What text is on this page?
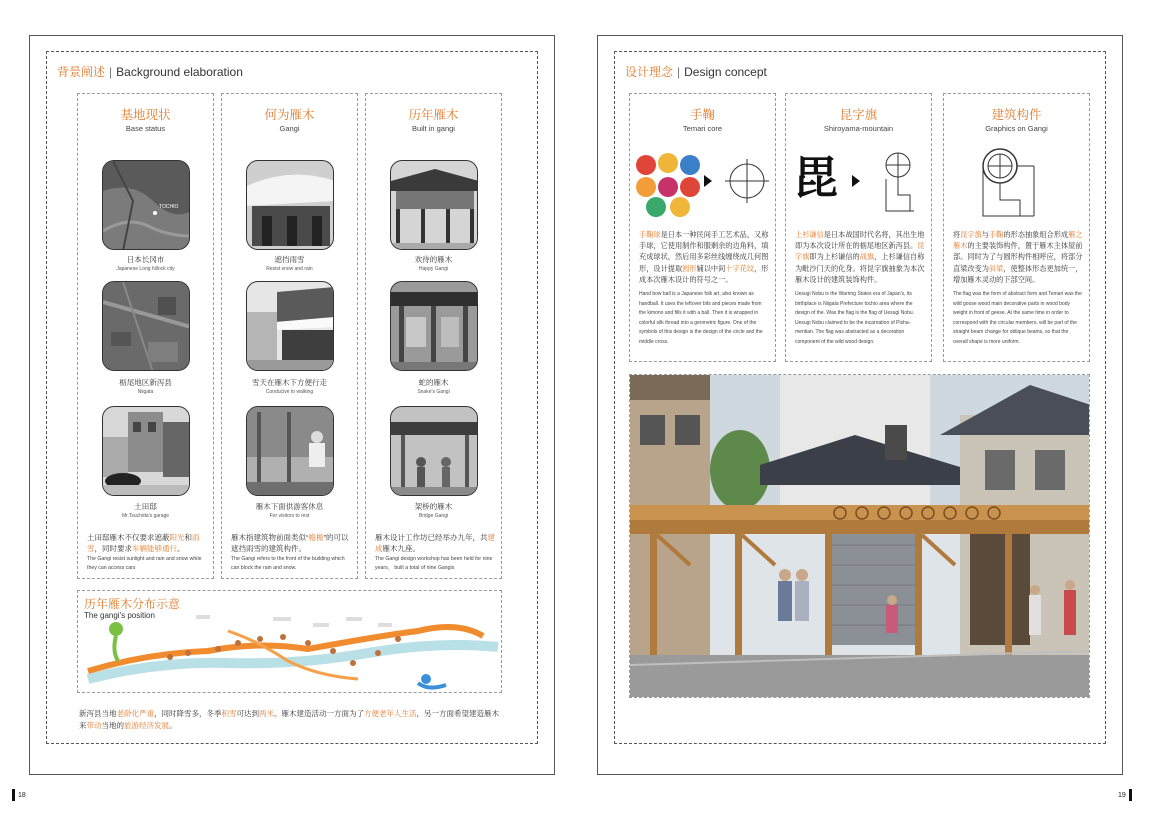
背景阐述 | Background elaboration
基地现状
Base status
TOCHIO
日本长冈市
Japanese Long hillock city
栃尾地区新泻县
Niigata
土田邸
Mr.Tsuchida's garage
土田邸雁木不仅要求遮蔽阳光和雨雪，同时要求车辆能够通行。
The Gangi resist sunlight and rain and snow while they can access cars
何为雁木
Gangi
遮挡雨雪
Resist snow and rain
雪天在雁木下方便行走
Conducive to walking
雁木下面供游客休息
For visitors to rest
雁木指建筑物前面类似“檐檐”的可以遮挡雨雪的建筑构件。
The Gangi refers to the front of the building which can block the rain and snow.
历年雁木
Built in gangi
欢待的雁木
Happy Gangi
蛇的雁木
Snake's Gangi
架桥的雁木
Bridge Gangi
雁木设计工作坊已经举办九年，共建成雁木九座。
The Gangi design workshop has been held for nine years， built a total of nine Gangis
历年雁木分布示意
The gangi's position
新泻县当地老龄化严重，同时降雪多，冬季积雪可达到两米。雁木建造活动一方面为了方便老年人生活，另一方面希望建造雁木来带动当地的旅游经济发展。
设计理念 | Design concept
手鞠
Temari core
手鞠球是日本一种民间手工艺术品，又称手球，它使用制作和服剩余的边角料，填充成球状，然后用多彩丝线缠绕成几何图形，设计提取圆形辅以中间十字花纹，形成本次雁木设计的符号之一。
Hand bow ball is a Japanese folk art, also known as handball. It uses the leftover bits and pieces made from the kimono and fills it with a ball. Then it is wrapped in colorful silk thread into a geometric figure. One of the symbols of this design is the design of the circle and the middle cross.
昆字旗
Shiroyama-mountain
毘
上杉谦信是日本战国时代名将，其出生地即为本次设计所在的栃尾地区新泻县。昆字旗即为上杉谦信的战旗，上杉谦信自称为毗沙门天的化身。将昆字旗抽象为本次雁木设计的建筑装饰构件。
Uesugi Nobu is the Warring States era of Japan's, its birthplace is Niigata Prefecture tochio area where the design of the. Was the flag is the flag of Uesugi Nobu. Uesugi Nobu claimed to be the incarnation of Pisha-mentian. The flag was abstracted as a decoration component of the wild wood design.
建筑构件
Graphics on Gangi
将昆字旗与手鞠的形态抽象组合形成雁之雁木的主要装饰构件，置于雁木主体屋前部。同时为了与圆形构件相呼应，将部分直梁改变为斜梁，使整体形态更加统一，增加雁木灵动的下部空间。
The flag was the form of abstract form and Temari was the wild goose wood main decorative parts in wood body weight in front of geese. At the same time in order to correspond with the circular members, will be part of the straight beam change for oblique beams, so that the overall shape is more uniform.
18	19
